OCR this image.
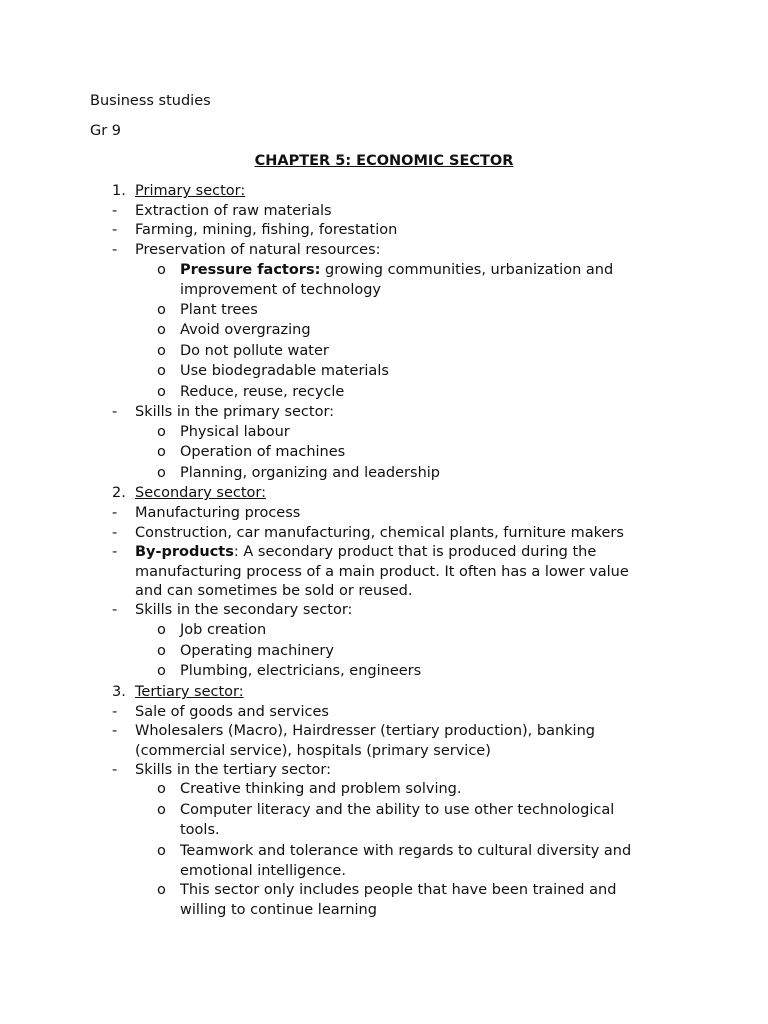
Business studies
Gr 9
CHAPTER 5: ECONOMIC SECTOR
1. Primary sector:
- Extraction of raw materials
- Farming, mining, fishing, forestation
- Preservation of natural resources:
o Pressure factors: growing communities, urbanization and
improvement of technology
o Plant trees
o Avoid overgrazing
o Do not pollute water
o Use biodegradable materials
o Reduce, reuse, recycle
- Skills in the primary sector:
o Physical labour
o Operation of machines
o Planning, organizing and leadership
2. Secondary sector:
- Manufacturing process
- Construction, car manufacturing, chemical plants, furniture makers
- By-products: A secondary product that is produced during the
manufacturing process of a main product. It often has a lower value
and can sometimes be sold or reused.
- Skills in the secondary sector:
o Job creation
o Operating machinery
o Plumbing, electricians, engineers
3. Tertiary sector:
- Sale of goods and services
- Wholesalers (Macro), Hairdresser (tertiary production), banking
(commercial service), hospitals (primary service)
- Skills in the tertiary sector:
o Creative thinking and problem solving.
o Computer literacy and the ability to use other technological
tools.
o Teamwork and tolerance with regards to cultural diversity and
emotional intelligence.
o This sector only includes people that have been trained and
willing to continue learning
